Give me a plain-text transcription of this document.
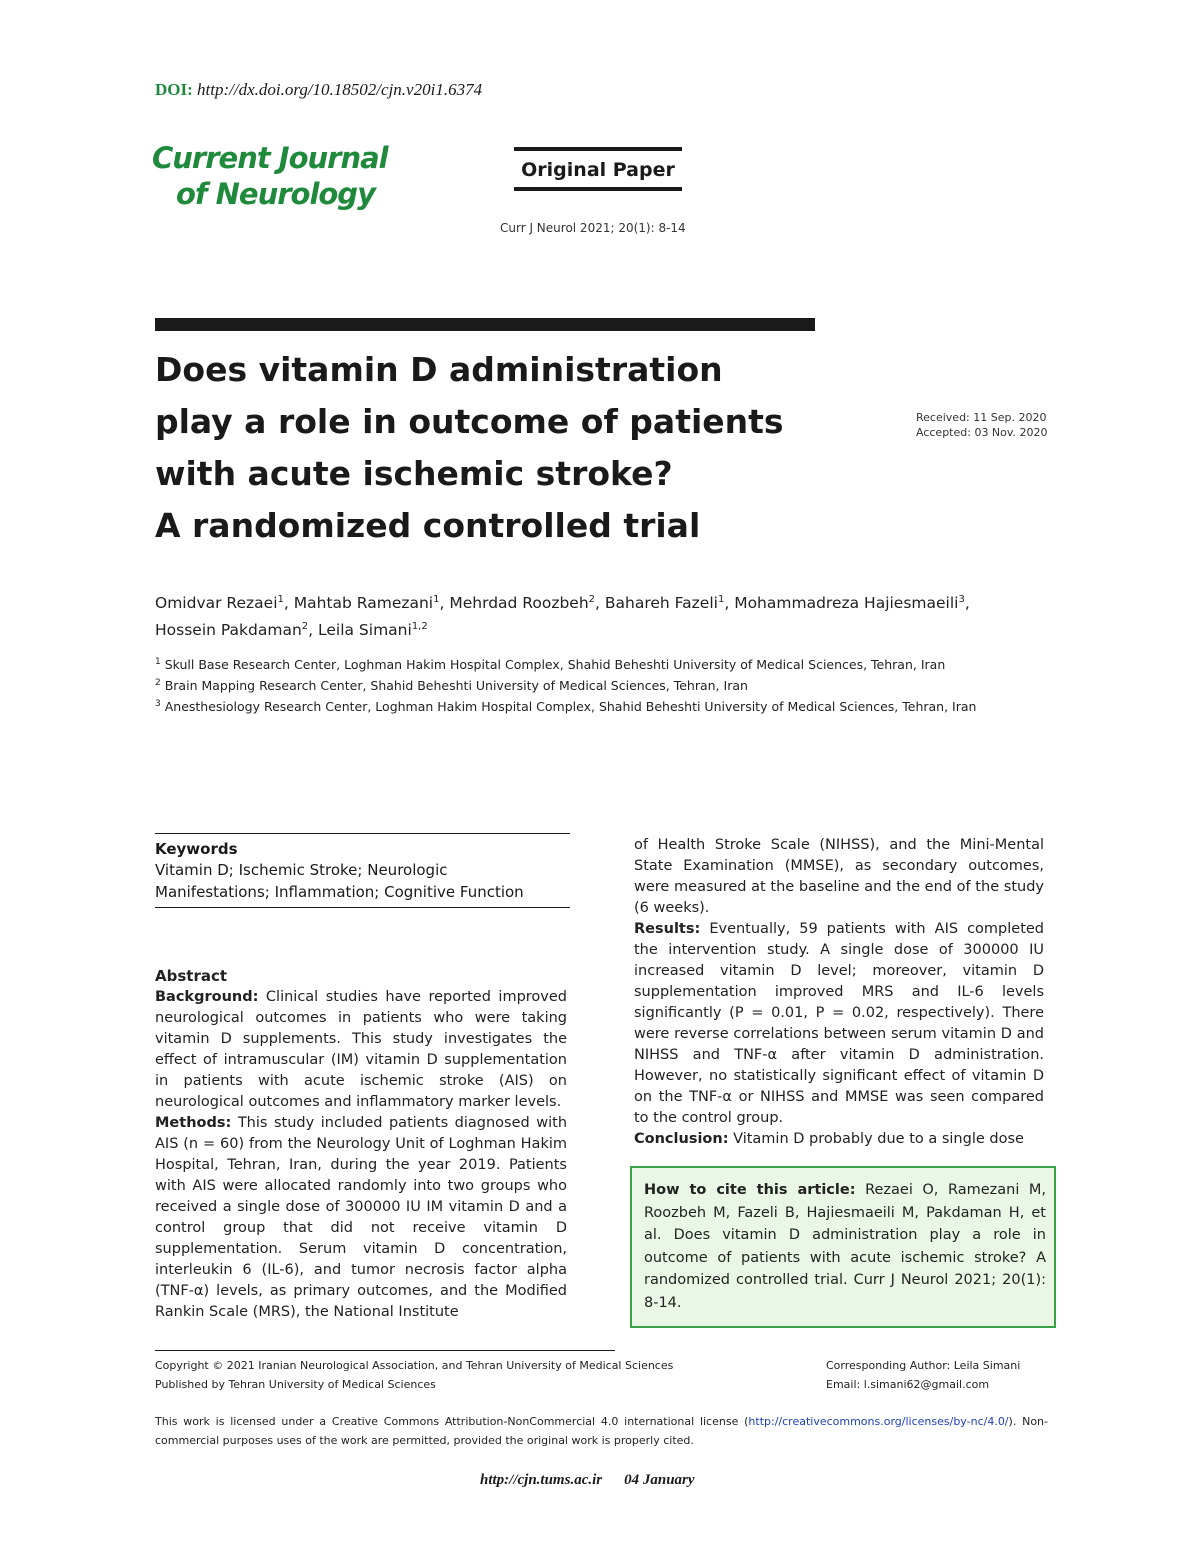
DOI: http://dx.doi.org/10.18502/cjn.v20i1.6374
Current Journal
of Neurology
Original Paper
Curr J Neurol 2021; 20(1): 8-14
Does vitamin D administration
play a role in outcome of patients
with acute ischemic stroke?
A randomized controlled trial
Received: 11 Sep. 2020
Accepted: 03 Nov. 2020
Omidvar Rezaei$^1$, Mahtab Ramezani$^1$, Mehrdad Roozbeh$^2$, Bahareh Fazeli$^1$, Mohammadreza Hajiesmaeili$^3$,
Hossein Pakdaman$^2$, Leila Simani$^{1,2}$
$^1$ Skull Base Research Center, Loghman Hakim Hospital Complex, Shahid Beheshti University of Medical Sciences, Tehran, Iran
$^2$ Brain Mapping Research Center, Shahid Beheshti University of Medical Sciences, Tehran, Iran
$^3$ Anesthesiology Research Center, Loghman Hakim Hospital Complex, Shahid Beheshti University of Medical Sciences, Tehran, Iran
Keywords
Vitamin D; Ischemic Stroke; Neurologic
Manifestations; Inflammation; Cognitive Function
Abstract
Background: Clinical studies have reported improved neurological outcomes in patients who were taking vitamin D supplements. This study investigates the effect of intramuscular (IM) vitamin D supplementation in patients with acute ischemic stroke (AIS) on neurological outcomes and inflammatory marker levels.
Methods: This study included patients diagnosed with AIS (n = 60) from the Neurology Unit of Loghman Hakim Hospital, Tehran, Iran, during the year 2019. Patients with AIS were allocated randomly into two groups who received a single dose of 300000 IU IM vitamin D and a control group that did not receive vitamin D supplementation. Serum vitamin D concentration, interleukin 6 (IL-6), and tumor necrosis factor alpha (TNF-α) levels, as primary outcomes, and the Modified Rankin Scale (MRS), the National Institute
of Health Stroke Scale (NIHSS), and the Mini-Mental State Examination (MMSE), as secondary outcomes, were measured at the baseline and the end of the study (6 weeks).
Results: Eventually, 59 patients with AIS completed the intervention study. A single dose of 300000 IU increased vitamin D level; moreover, vitamin D supplementation improved MRS and IL-6 levels significantly (P = 0.01, P = 0.02, respectively). There were reverse correlations between serum vitamin D and NIHSS and TNF-α after vitamin D administration. However, no statistically significant effect of vitamin D on the TNF-α or NIHSS and MMSE was seen compared to the control group.
Conclusion: Vitamin D probably due to a single dose
How to cite this article: Rezaei O, Ramezani M, Roozbeh M, Fazeli B, Hajiesmaeili M, Pakdaman H, et al. Does vitamin D administration play a role in outcome of patients with acute ischemic stroke? A randomized controlled trial. Curr J Neurol 2021; 20(1): 8-14.
Copyright © 2021 Iranian Neurological Association, and Tehran University of Medical Sciences
Published by Tehran University of Medical Sciences
Corresponding Author: Leila Simani
Email: l.simani62@gmail.com
This work is licensed under a Creative Commons Attribution-NonCommercial 4.0 international license (http://creativecommons.org/licenses/by-nc/4.0/). Non-commercial purposes uses of the work are permitted, provided the original work is properly cited.
http://cjn.tums.ac.ir 04 January
